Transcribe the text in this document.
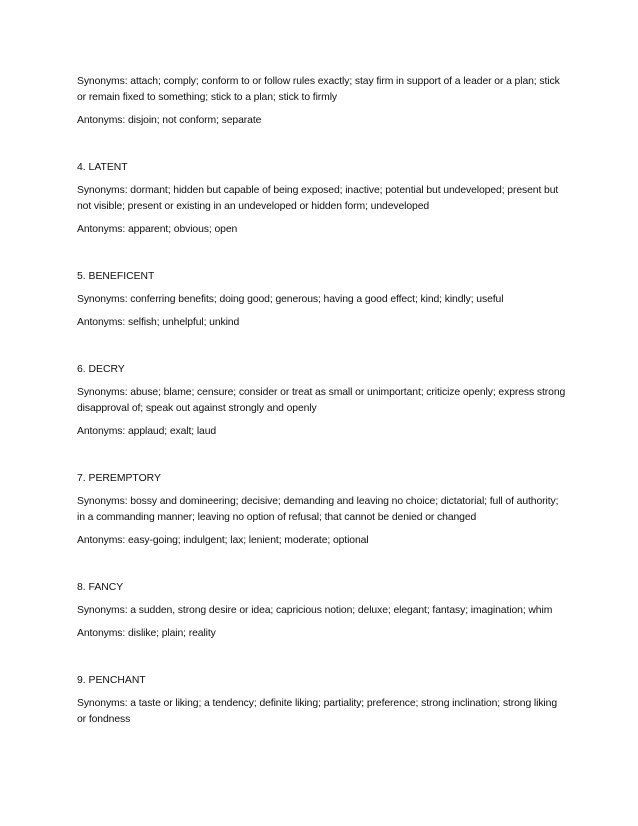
Synonyms: attach; comply; conform to or follow rules exactly; stay firm in support of a leader or a plan; stick or remain fixed to something; stick to a plan; stick to firmly

Antonyms: disjoin; not conform; separate

4. LATENT

Synonyms: dormant; hidden but capable of being exposed; inactive; potential but undeveloped; present but not visible; present or existing in an undeveloped or hidden form; undeveloped

Antonyms: apparent; obvious; open

5. BENEFICENT

Synonyms: conferring benefits; doing good; generous; having a good effect; kind; kindly; useful

Antonyms: selfish; unhelpful; unkind

6. DECRY

Synonyms: abuse; blame; censure; consider or treat as small or unimportant; criticize openly; express strong disapproval of; speak out against strongly and openly

Antonyms: applaud; exalt; laud

7. PEREMPTORY

Synonyms: bossy and domineering; decisive; demanding and leaving no choice; dictatorial; full of authority; in a commanding manner; leaving no option of refusal; that cannot be denied or changed

Antonyms: easy-going; indulgent; lax; lenient; moderate; optional

8. FANCY

Synonyms: a sudden, strong desire or idea; capricious notion; deluxe; elegant; fantasy; imagination; whim

Antonyms: dislike; plain; reality

9. PENCHANT

Synonyms: a taste or liking; a tendency; definite liking; partiality; preference; strong inclination; strong liking or fondness
